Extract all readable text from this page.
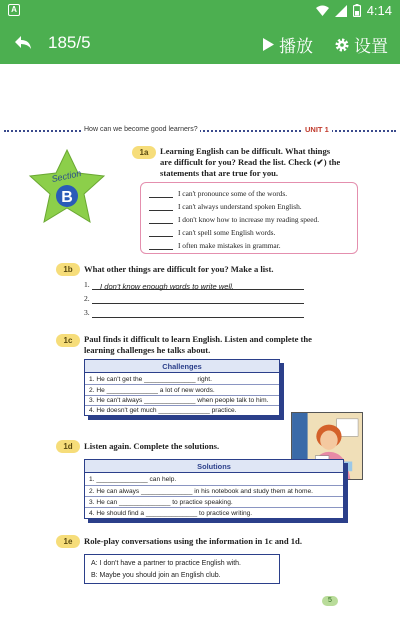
A	4:14
185/5	播放 设置
How can we become good learners?	UNIT 1
Section
B
1a	Learning English can be difficult. What things
are difficult for you? Read the list. Check (✔) the
statements that are true for you.
I can't pronounce some of the words.
I can't always understand spoken English.
I don't know how to increase my reading speed.
I can't spell some English words.
I often make mistakes in grammar.
1b	What other things are difficult for you? Make a list.
1.
2.
3.
I don't know enough words to write well.
1c	Paul finds it difficult to learn English. Listen and complete the
learning challenges he talks about.
Challenges
1. He can't get the ______________ right.
2. He ______________ a lot of new words.
3. He can't always ______________ when people talk to him.
4. He doesn't get much ______________ practice.
1d	Listen again. Complete the solutions.
Solutions
1. ______________ can help.
2. He can always ______________ in his notebook and study them at home.
3. He can ______________ to practice speaking.
4. He should find a ______________ to practice writing.
1e	Role-play conversations using the information in 1c and 1d.
A: I don't have a partner to practice English with.
B: Maybe you should join an English club.
5
